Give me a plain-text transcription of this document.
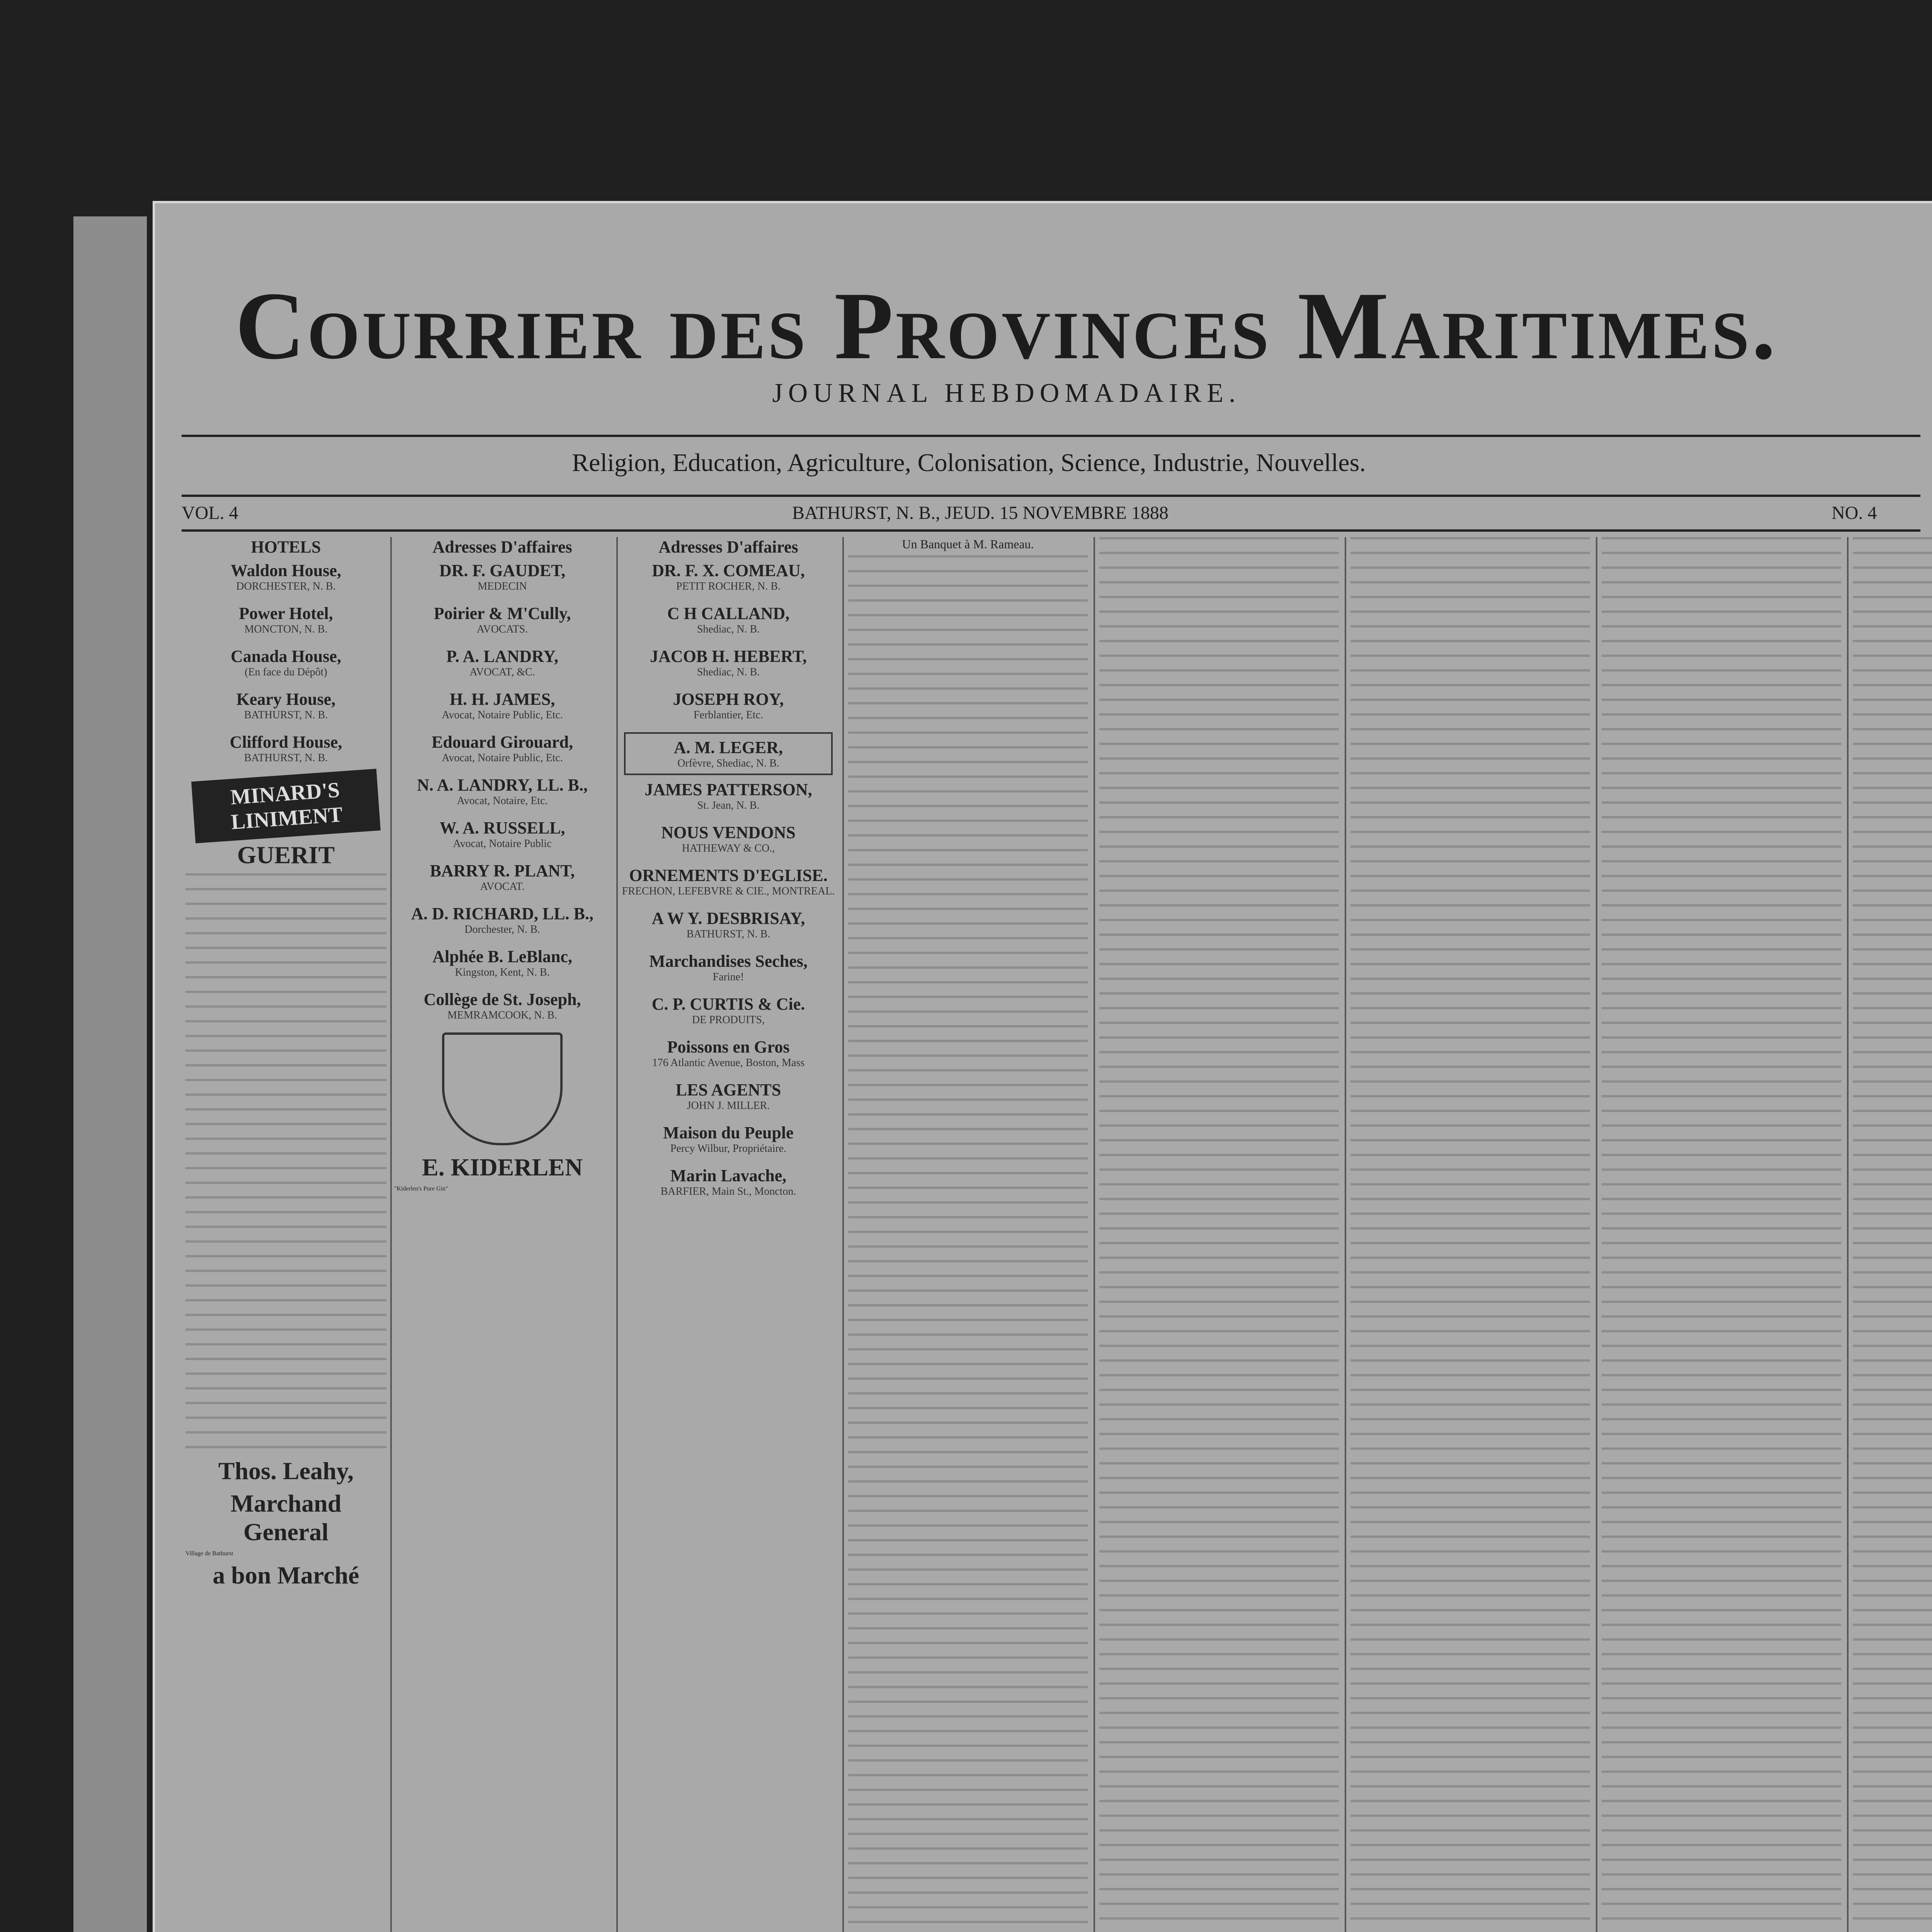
Courrier des Provinces Maritimes.
JOURNAL HEBDOMADAIRE.
Religion, Education, Agriculture, Colonisation, Science, Industrie, Nouvelles.
VOL. 4	BATHURST, N. B., JEUD. 15 NOVEMBRE 1888	NO. 4
HOTELS
Waldon House,
DORCHESTER, N. B.
Power Hotel,
MONCTON, N. B.
Canada House,
(En face du Dépôt)
Keary House,
BATHURST, N. B.
Clifford House,
BATHURST, N. B.
MINARD'S LINIMENT
GUERIT
Thos. Leahy,
Marchand General
Village de Bathurst
a bon Marché
Adresses D'affaires
DR. F. GAUDET,
MEDECIN
Poirier & M'Cully,
AVOCATS.
P. A. LANDRY,
AVOCAT, &C.
H. H. JAMES,
Avocat, Notaire Public, Etc.
Edouard Girouard,
Avocat, Notaire Public, Etc.
N. A. LANDRY, LL. B.,
Avocat, Notaire, Etc.
W. A. RUSSELL,
Avocat, Notaire Public
BARRY R. PLANT,
AVOCAT.
A. D. RICHARD, LL. B.,
Dorchester, N. B.
Alphée B. LeBlanc,
Kingston, Kent, N. B.
Collège de St. Joseph,
MEMRAMCOOK, N. B.
E. KIDERLEN
"Kiderlen's Pure Gin"
Adresses D'affaires
DR. F. X. COMEAU,
PETIT ROCHER, N. B.
C H CALLAND,
Shediac, N. B.
JACOB H. HEBERT,
Shediac, N. B.
JOSEPH ROY,
Ferblantier, Etc.
A. M. LEGER,
Orfèvre, Shediac, N. B.
JAMES PATTERSON,
St. Jean, N. B.
NOUS VENDONS
HATHEWAY & CO.,
ORNEMENTS D'EGLISE.
FRECHON, LEFEBVRE & CIE., MONTREAL.
A W Y. DESBRISAY,
BATHURST, N. B.
Marchandises Seches,
Farine!
C. P. CURTIS & Cie.
DE PRODUITS,
Poissons en Gros
176 Atlantic Avenue, Boston, Mass
LES AGENTS
JOHN J. MILLER.
Maison du Peuple
Percy Wilbur, Propriétaire.
Marin Lavache,
BARFIER, Main St., Moncton.
Un Banquet à M. Rameau.
